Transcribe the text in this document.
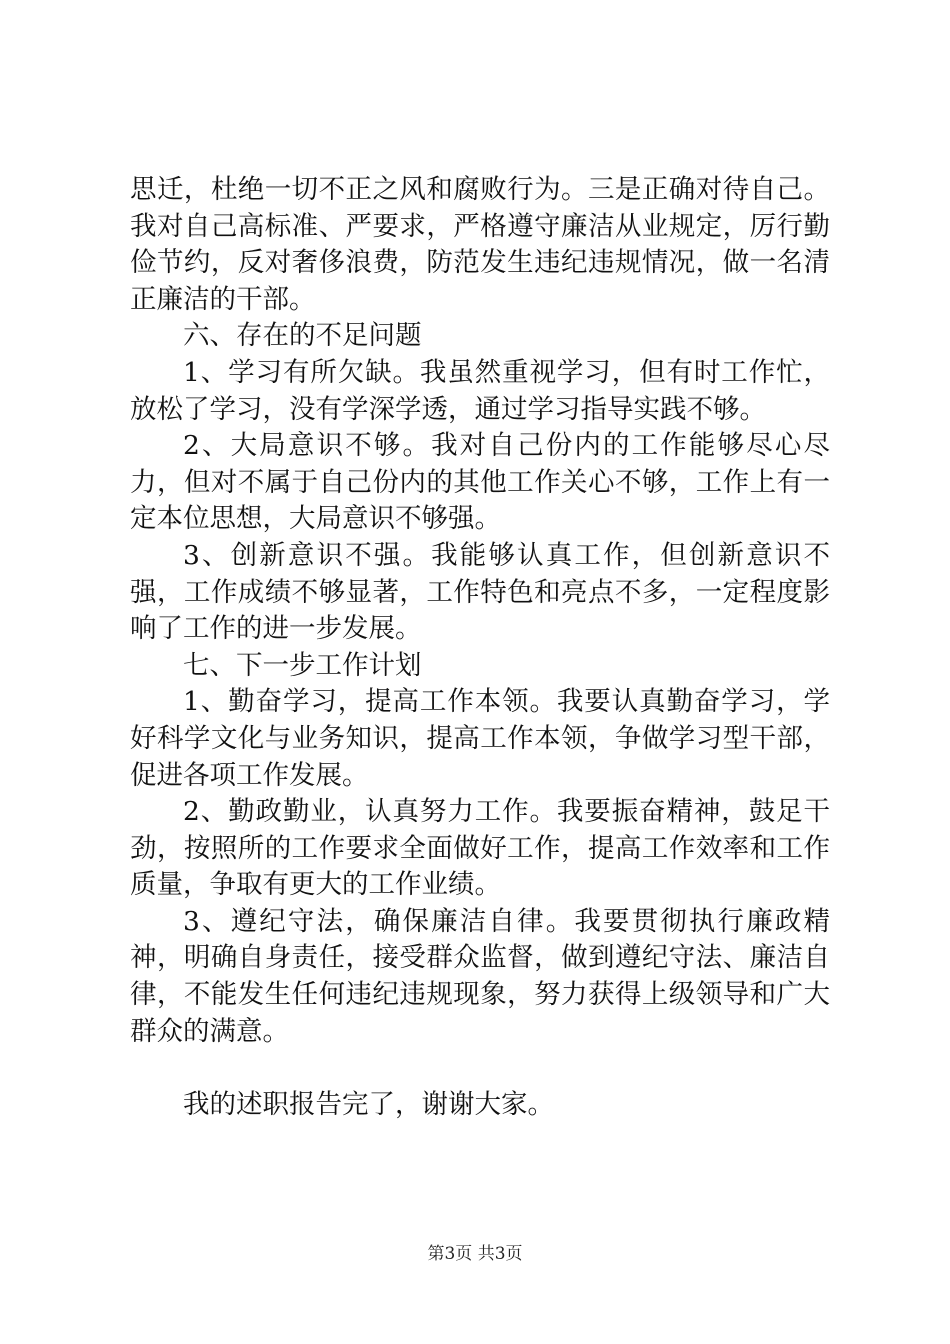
思迁，杜绝一切不正之风和腐败行为。三是正确对待自己。我对自己高标准、严要求，严格遵守廉洁从业规定，厉行勤俭节约，反对奢侈浪费，防范发生违纪违规情况，做一名清正廉洁的干部。

六、存在的不足问题

1、学习有所欠缺。我虽然重视学习，但有时工作忙，放松了学习，没有学深学透，通过学习指导实践不够。

2、大局意识不够。我对自己份内的工作能够尽心尽力，但对不属于自己份内的其他工作关心不够，工作上有一定本位思想，大局意识不够强。

3、创新意识不强。我能够认真工作，但创新意识不强，工作成绩不够显著，工作特色和亮点不多，一定程度影响了工作的进一步发展。

七、下一步工作计划

1、勤奋学习，提高工作本领。我要认真勤奋学习，学好科学文化与业务知识，提高工作本领，争做学习型干部，促进各项工作发展。

2、勤政勤业，认真努力工作。我要振奋精神，鼓足干劲，按照所的工作要求全面做好工作，提高工作效率和工作质量，争取有更大的工作业绩。

3、遵纪守法，确保廉洁自律。我要贯彻执行廉政精神，明确自身责任，接受群众监督，做到遵纪守法、廉洁自律，不能发生任何违纪违规现象，努力获得上级领导和广大群众的满意。

我的述职报告完了，谢谢大家。

第3页 共3页
